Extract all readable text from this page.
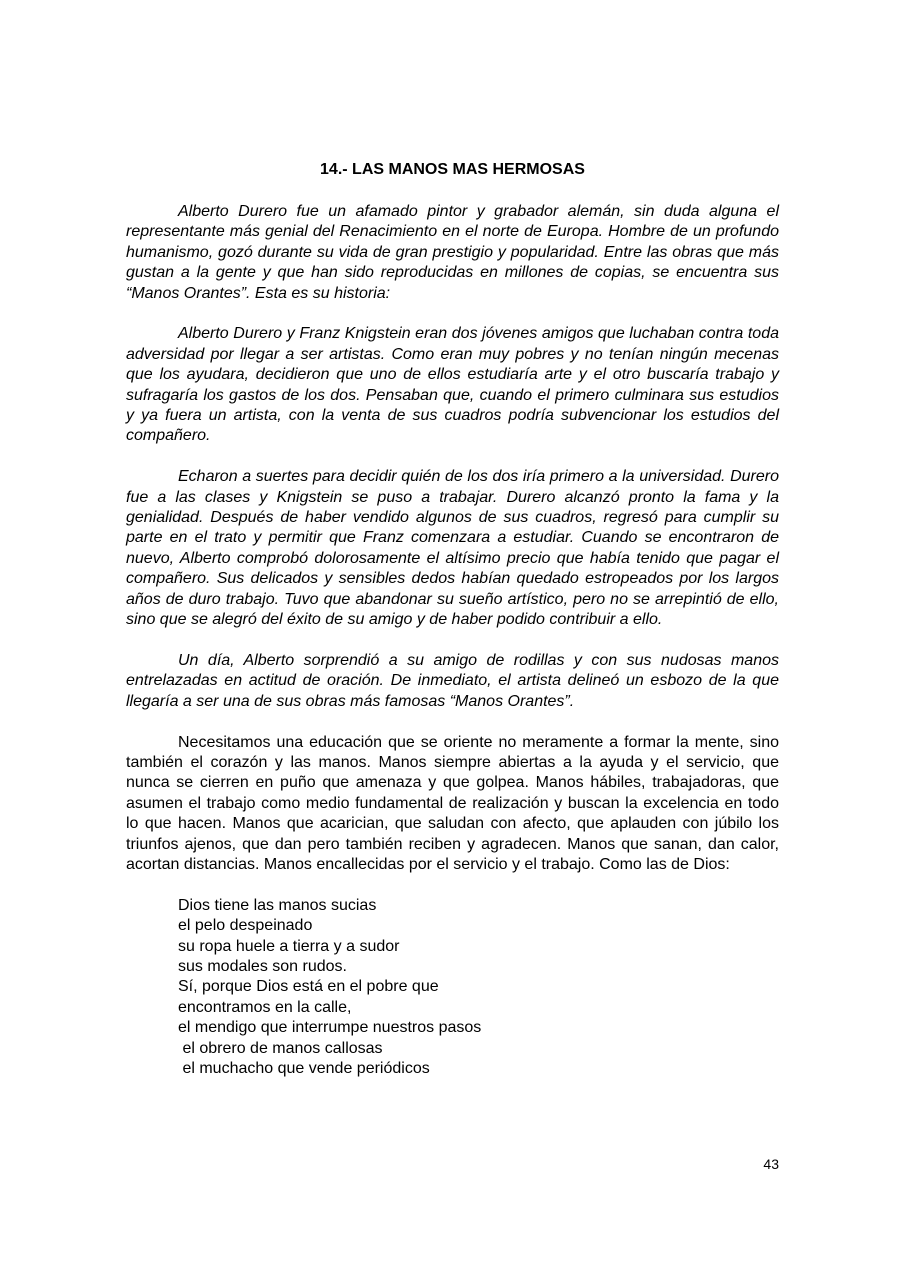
14.- LAS MANOS MAS HERMOSAS

Alberto Durero fue un afamado pintor y grabador alemán, sin duda alguna el representante más genial del Renacimiento en el norte de Europa. Hombre de un profundo humanismo, gozó durante su vida de gran prestigio y popularidad. Entre las obras que más gustan a la gente y que han sido reproducidas en millones de copias, se encuentra sus “Manos Orantes”. Esta es su historia:

Alberto Durero y Franz Knigstein eran dos jóvenes amigos que luchaban contra toda adversidad por llegar a ser artistas. Como eran muy pobres y no tenían ningún mecenas que los ayudara, decidieron que uno de ellos estudiaría arte y el otro buscaría trabajo y sufragaría los gastos de los dos. Pensaban que, cuando el primero culminara sus estudios y ya fuera un artista, con la venta de sus cuadros podría subvencionar los estudios del compañero.

Echaron a suertes para decidir quién de los dos iría primero a la universidad. Durero fue a las clases y Knigstein se puso a trabajar. Durero alcanzó pronto la fama y la genialidad. Después de haber vendido algunos de sus cuadros, regresó para cumplir su parte en el trato y permitir que Franz comenzara a estudiar. Cuando se encontraron de nuevo, Alberto comprobó dolorosamente el altísimo precio que había tenido que pagar el compañero. Sus delicados y sensibles dedos habían quedado estropeados por los largos años de duro trabajo. Tuvo que abandonar su sueño artístico, pero no se arrepintió de ello, sino que se alegró del éxito de su amigo y de haber podido contribuir a ello.

Un día, Alberto sorprendió a su amigo de rodillas y con sus nudosas manos entrelazadas en actitud de oración. De inmediato, el artista delineó un esbozo de la que llegaría a ser una de sus obras más famosas “Manos Orantes”.

Necesitamos una educación que se oriente no meramente a formar la mente, sino también el corazón y las manos. Manos siempre abiertas a la ayuda y el servicio, que nunca se cierren en puño que amenaza y que golpea. Manos hábiles, trabajadoras, que asumen el trabajo como medio fundamental de realización y buscan la excelencia en todo lo que hacen. Manos que acarician, que saludan con afecto, que aplauden con júbilo los triunfos ajenos, que dan pero también reciben y agradecen. Manos que sanan, dan calor, acortan distancias. Manos encallecidas por el servicio y el trabajo. Como las de Dios:

Dios tiene las manos sucias
el pelo despeinado
su ropa huele a tierra y a sudor
sus modales son rudos.
Sí, porque Dios está en el pobre que
encontramos en la calle,
el mendigo que interrumpe nuestros pasos
el obrero de manos callosas
el muchacho que vende periódicos
43
